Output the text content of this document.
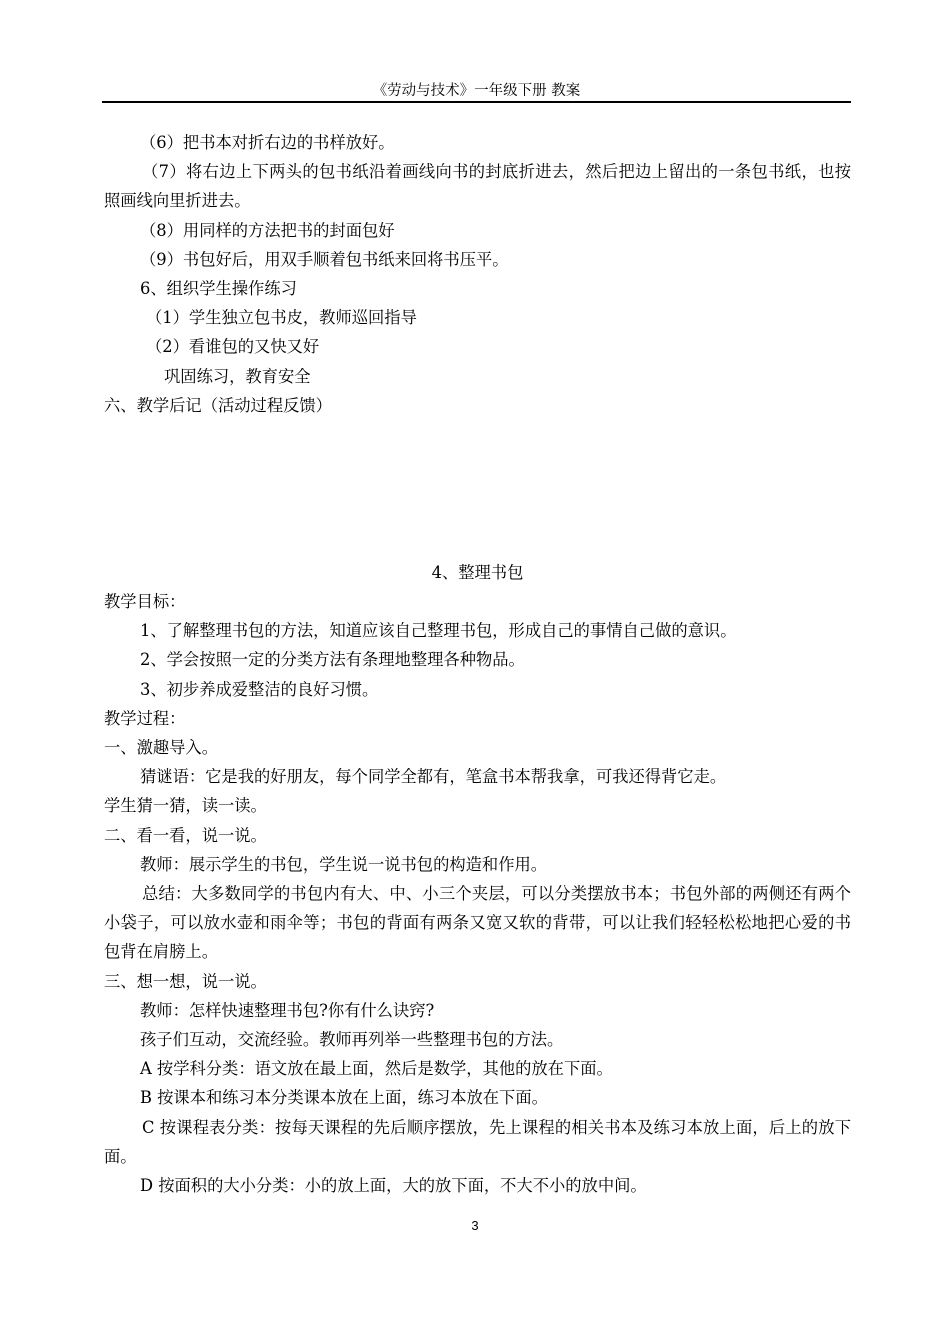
《劳动与技术》一年级下册 教案
（6）把书本对折右边的书样放好。
（7）将右边上下两头的包书纸沿着画线向书的封底折进去，然后把边上留出的一条包书纸，也按照画线向里折进去。
（8）用同样的方法把书的封面包好
（9）书包好后，用双手顺着包书纸来回将书压平。
6、组织学生操作练习
（1）学生独立包书皮，教师巡回指导
（2）看谁包的又快又好
巩固练习，教育安全
六、教学后记（活动过程反馈）
4、整理书包
教学目标：
1、了解整理书包的方法，知道应该自己整理书包，形成自己的事情自己做的意识。
2、学会按照一定的分类方法有条理地整理各种物品。
3、初步养成爱整洁的良好习惯。
教学过程：
一、激趣导入。
猜谜语：它是我的好朋友，每个同学全都有，笔盒书本帮我拿，可我还得背它走。
学生猜一猜，读一读。
二、看一看，说一说。
教师：展示学生的书包，学生说一说书包的构造和作用。
总结：大多数同学的书包内有大、中、小三个夹层，可以分类摆放书本；书包外部的两侧还有两个小袋子，可以放水壶和雨伞等；书包的背面有两条又宽又软的背带，可以让我们轻轻松松地把心爱的书包背在肩膀上。
三、想一想，说一说。
教师：怎样快速整理书包?你有什么诀窍?
孩子们互动，交流经验。教师再列举一些整理书包的方法。
A 按学科分类：语文放在最上面，然后是数学，其他的放在下面。
B 按课本和练习本分类课本放在上面，练习本放在下面。
C 按课程表分类：按每天课程的先后顺序摆放，先上课程的相关书本及练习本放上面，后上的放下面。
D 按面积的大小分类：小的放上面，大的放下面，不大不小的放中间。
3
